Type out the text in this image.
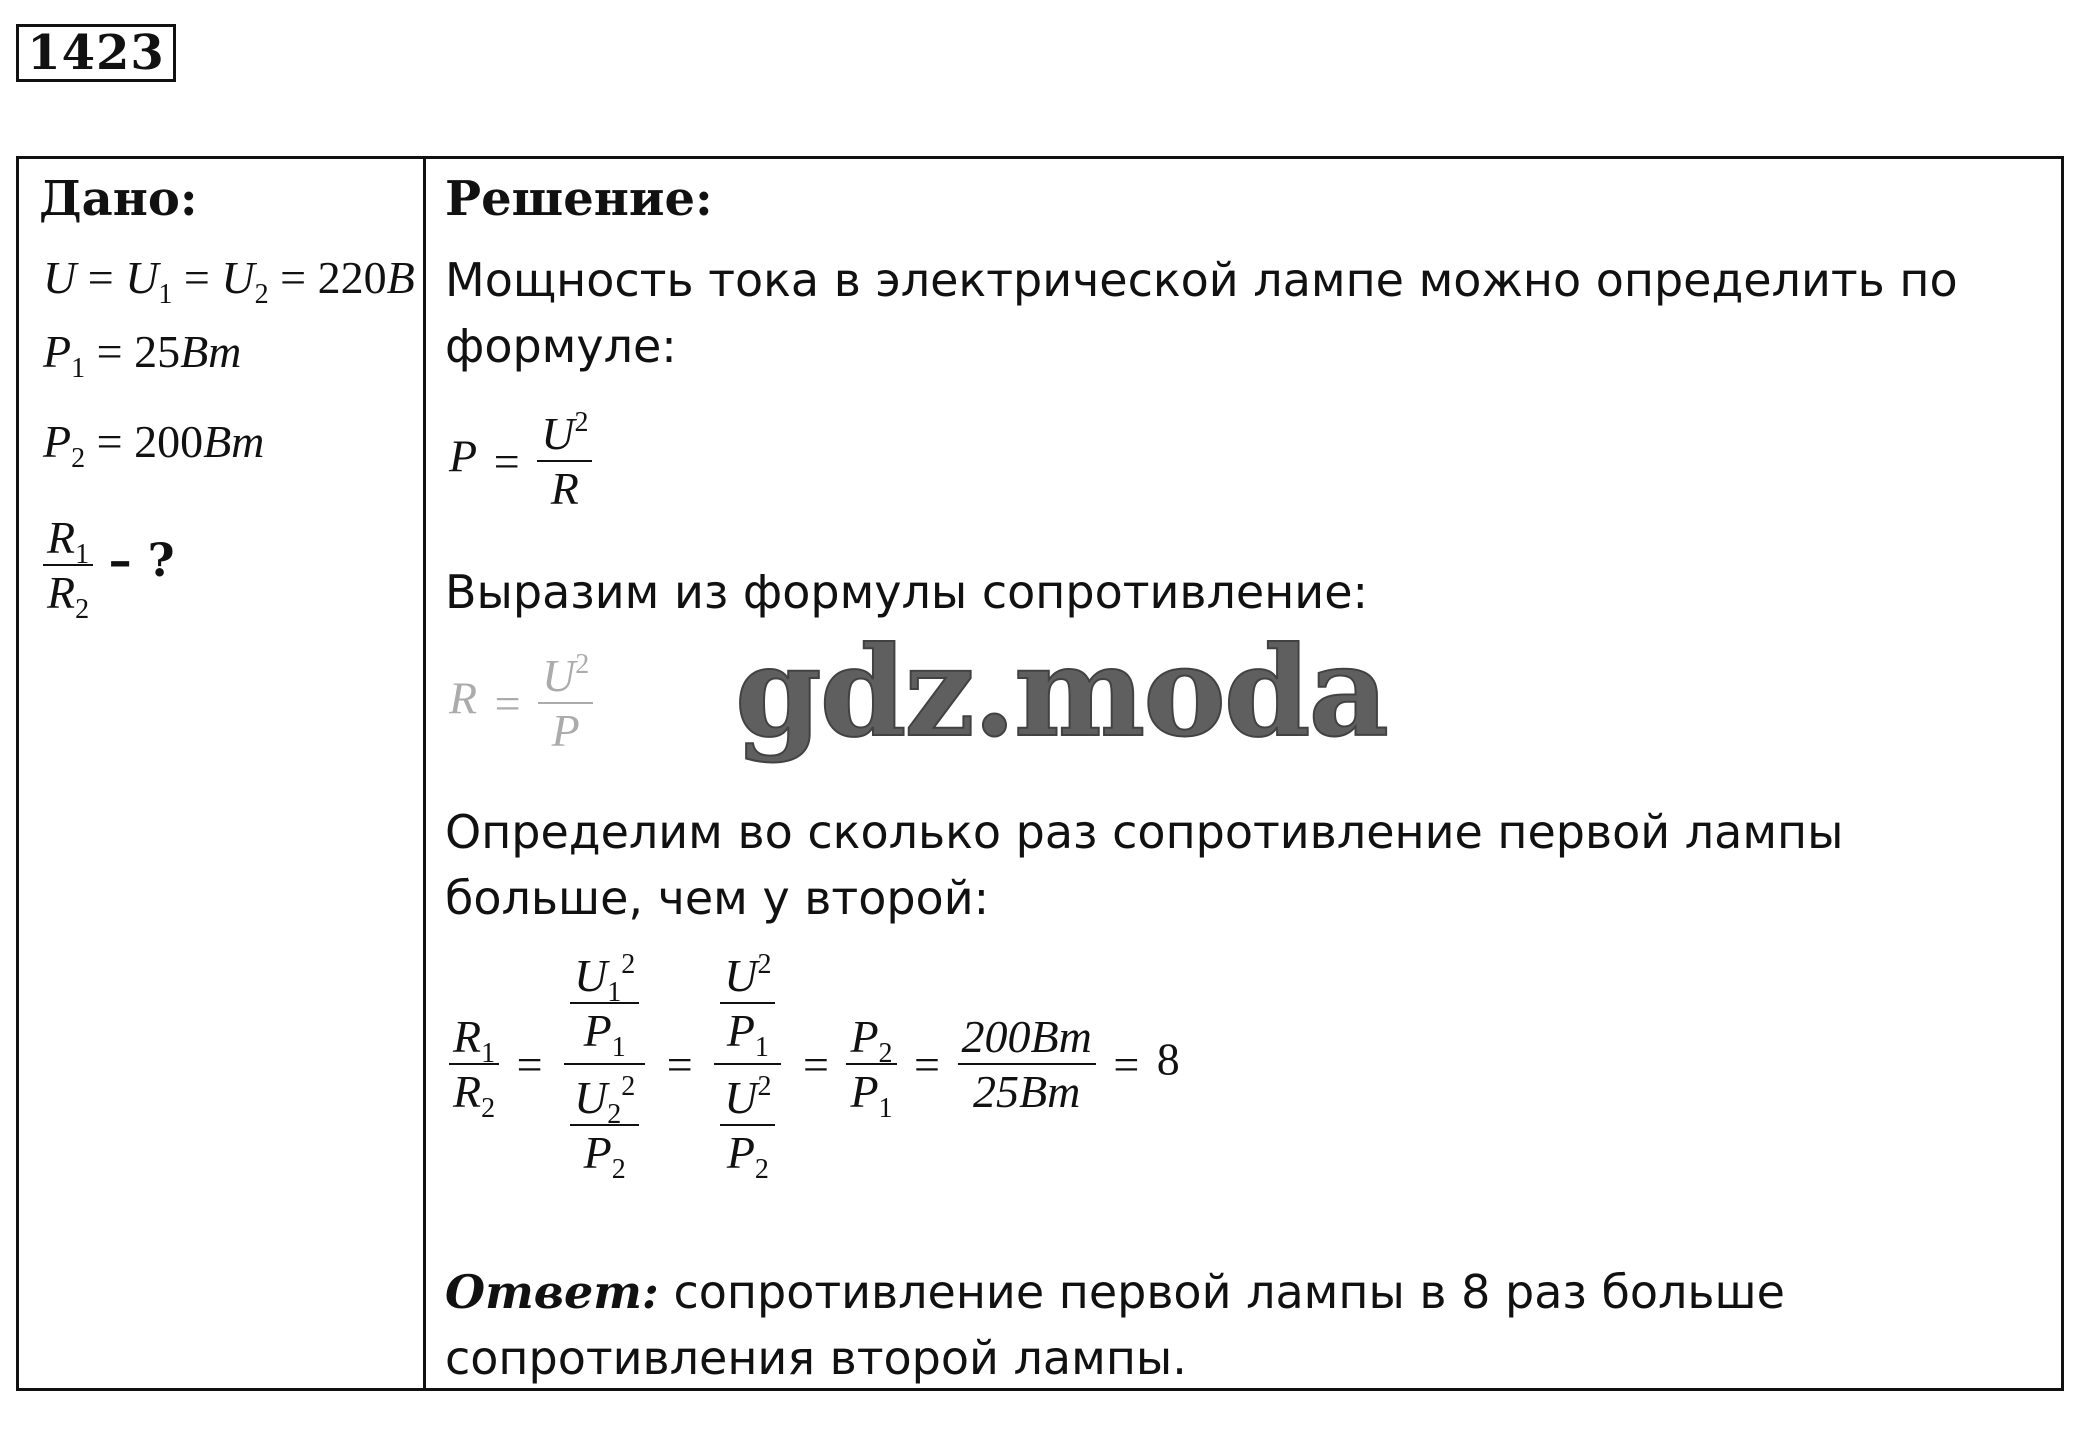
1423
Дано:
$U = U_1 = U_2 = 220B$
$P_1 = 25Bm$
$P_2 = 200Bm$
$\frac{R_1}{R_2}$ – ?
Решение:
Мощность тока в электрической лампе можно определить по формуле:
$P = \frac{U^2}{R}$
Выразим из формулы сопротивление:
$R = \frac{U^2}{P}$
Определим во сколько раз сопротивление первой лампы больше, чем у второй:
$\frac{R_1}{R_2} = \frac{\frac{U_1^2}{P_1}}{\frac{U_2^2}{P_2}} = \frac{\frac{U^2}{P_1}}{\frac{U^2}{P_2}} = \frac{P_2}{P_1} = \frac{200Bm}{25Bm} = 8$
Ответ: сопротивление первой лампы в 8 раз больше сопротивления второй лампы.
gdz.moda
